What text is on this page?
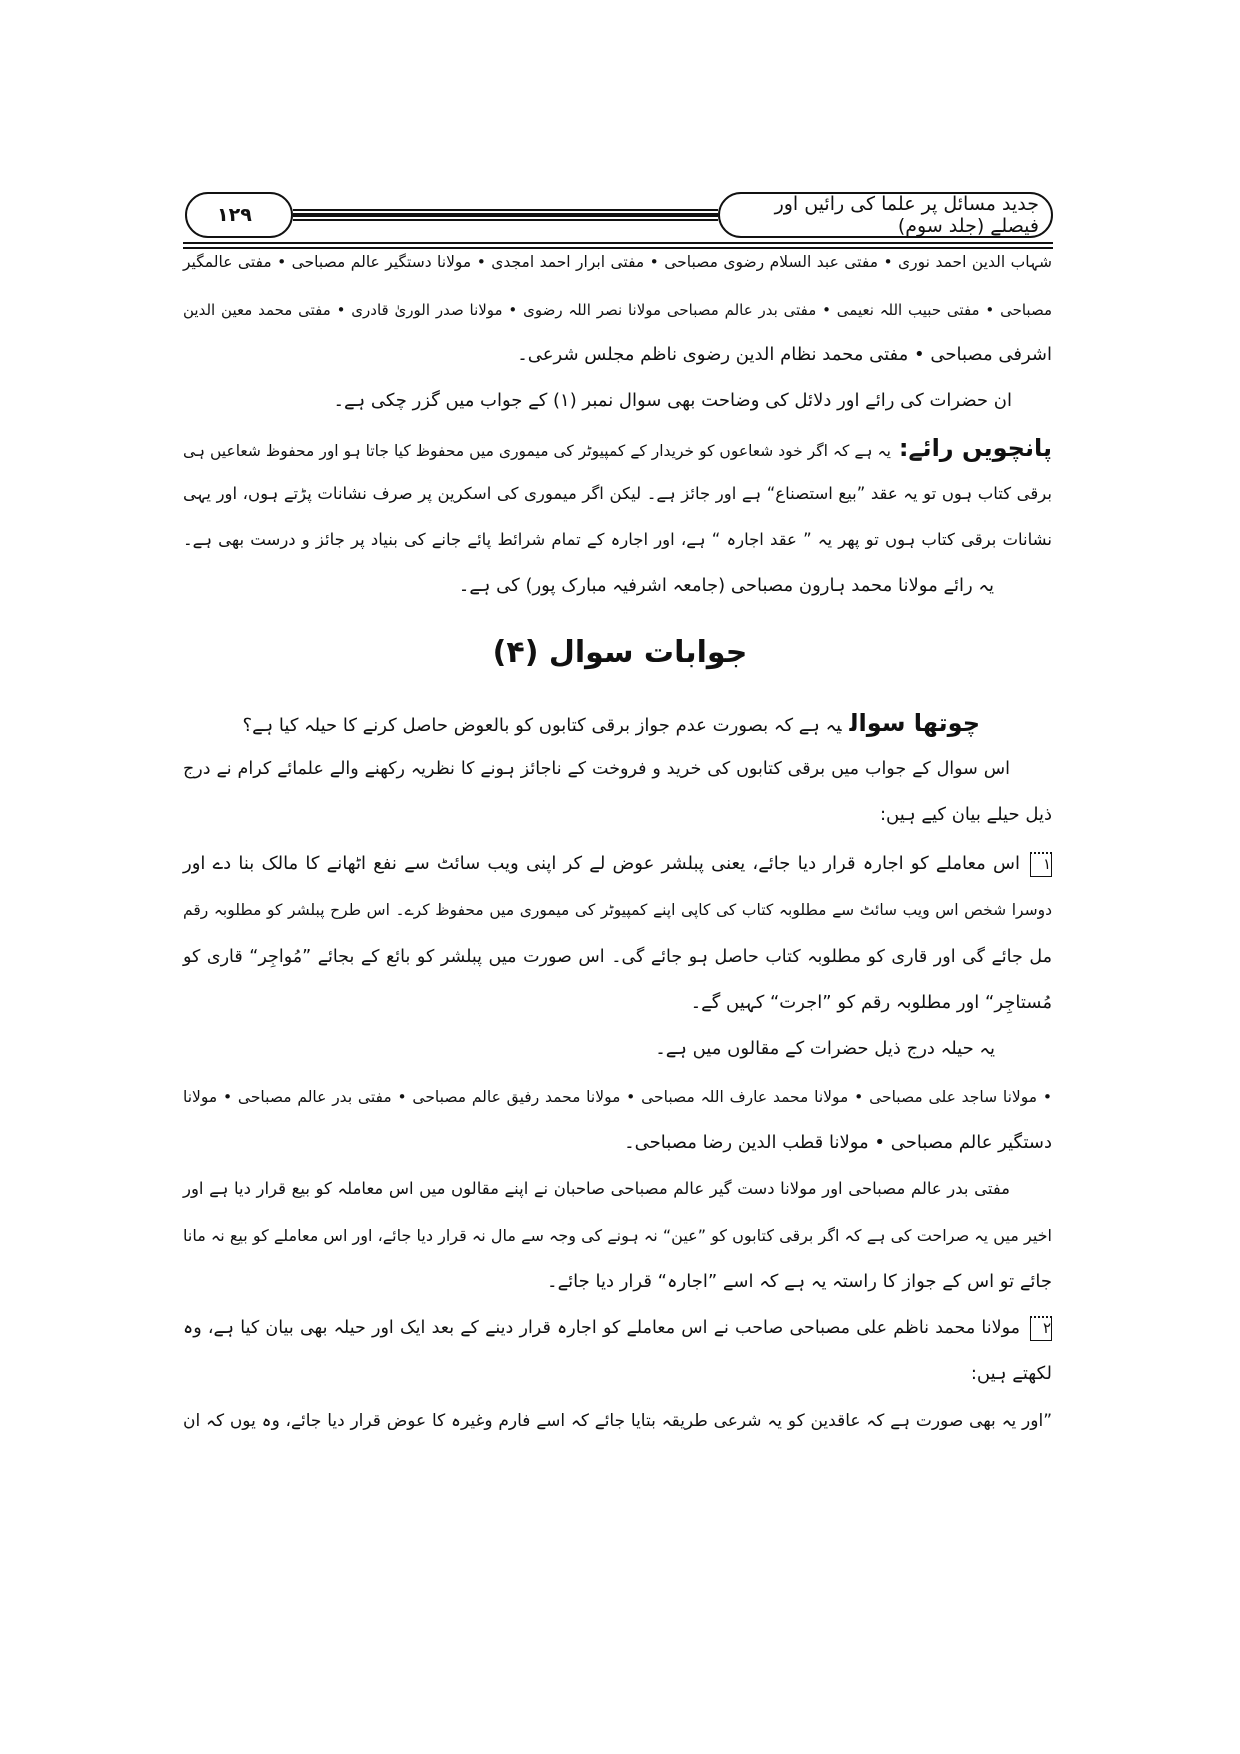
۱۲۹	جدید مسائل پر علما کی رائیں اور فیصلے (جلد سوم)
شہاب الدین احمد نوری • مفتی عبد السلام رضوی مصباحی • مفتی ابرار احمد امجدی • مولانا دستگیر عالم مصباحی • مفتی عالمگیر
مصباحی • مفتی حبیب اللہ نعیمی • مفتی بدر عالم مصباحی مولانا نصر اللہ رضوی • مولانا صدر الوریٰ قادری • مفتی محمد معین الدین
اشرفی مصباحی • مفتی محمد نظام الدین رضوی ناظم مجلس شرعی۔
ان حضرات کی رائے اور دلائل کی وضاحت بھی سوال نمبر (۱) کے جواب میں گزر چکی ہے۔
پانچویں رائے:یہ ہے کہ اگر خود شعاعوں کو خریدار کے کمپیوٹر کی میموری میں محفوظ کیا جاتا ہو اور محفوظ شعاعیں ہی
برقی کتاب ہوں تو یہ عقد ”بیع استصناع“ ہے اور جائز ہے۔ لیکن اگر میموری کی اسکرین پر صرف نشانات پڑتے ہوں، اور یہی
نشانات برقی کتاب ہوں تو پھر یہ ” عقد اجارہ “ ہے، اور اجارہ کے تمام شرائط پائے جانے کی بنیاد پر جائز و درست بھی ہے۔
یہ رائے مولانا محمد ہارون مصباحی (جامعہ اشرفیہ مبارک پور) کی ہے۔
جوابات سوال (۴)
چوتھا سوالیہ ہے کہ بصورت عدم جواز برقی کتابوں کو بالعوض حاصل کرنے کا حیلہ کیا ہے؟
اس سوال کے جواب میں برقی کتابوں کی خرید و فروخت کے ناجائز ہونے کا نظریہ رکھنے والے علمائے کرام نے درج
ذیل حیلے بیان کیے ہیں:
۱اس معاملے کو اجارہ قرار دیا جائے، یعنی پبلشر عوض لے کر اپنی ویب سائٹ سے نفع اٹھانے کا مالک بنا دے اور
دوسرا شخص اس ویب سائٹ سے مطلوبہ کتاب کی کاپی اپنے کمپیوٹر کی میموری میں محفوظ کرے۔ اس طرح پبلشر کو مطلوبہ رقم
مل جائے گی اور قاری کو مطلوبہ کتاب حاصل ہو جائے گی۔ اس صورت میں پبلشر کو بائع کے بجائے ”مُواجِر“ قاری کو
مُستاجِر“ اور مطلوبہ رقم کو ”اجرت“ کہیں گے۔
یہ حیلہ درج ذیل حضرات کے مقالوں میں ہے۔
• مولانا ساجد علی مصباحی • مولانا محمد عارف اللہ مصباحی • مولانا محمد رفیق عالم مصباحی • مفتی بدر عالم مصباحی • مولانا
دستگیر عالم مصباحی • مولانا قطب الدین رضا مصباحی۔
مفتی بدر عالم مصباحی اور مولانا دست گیر عالم مصباحی صاحبان نے اپنے مقالوں میں اس معاملہ کو بیع قرار دیا ہے اور
اخیر میں یہ صراحت کی ہے کہ اگر برقی کتابوں کو ”عین“ نہ ہونے کی وجہ سے مال نہ قرار دیا جائے، اور اس معاملے کو بیع نہ مانا
جائے تو اس کے جواز کا راستہ یہ ہے کہ اسے ”اجارہ“ قرار دیا جائے۔
۲مولانا محمد ناظم علی مصباحی صاحب نے اس معاملے کو اجارہ قرار دینے کے بعد ایک اور حیلہ بھی بیان کیا ہے، وہ
لکھتے ہیں:
”اور یہ بھی صورت ہے کہ عاقدین کو یہ شرعی طریقہ بتایا جائے کہ اسے فارم وغیرہ کا عوض قرار دیا جائے، وہ یوں کہ ان
